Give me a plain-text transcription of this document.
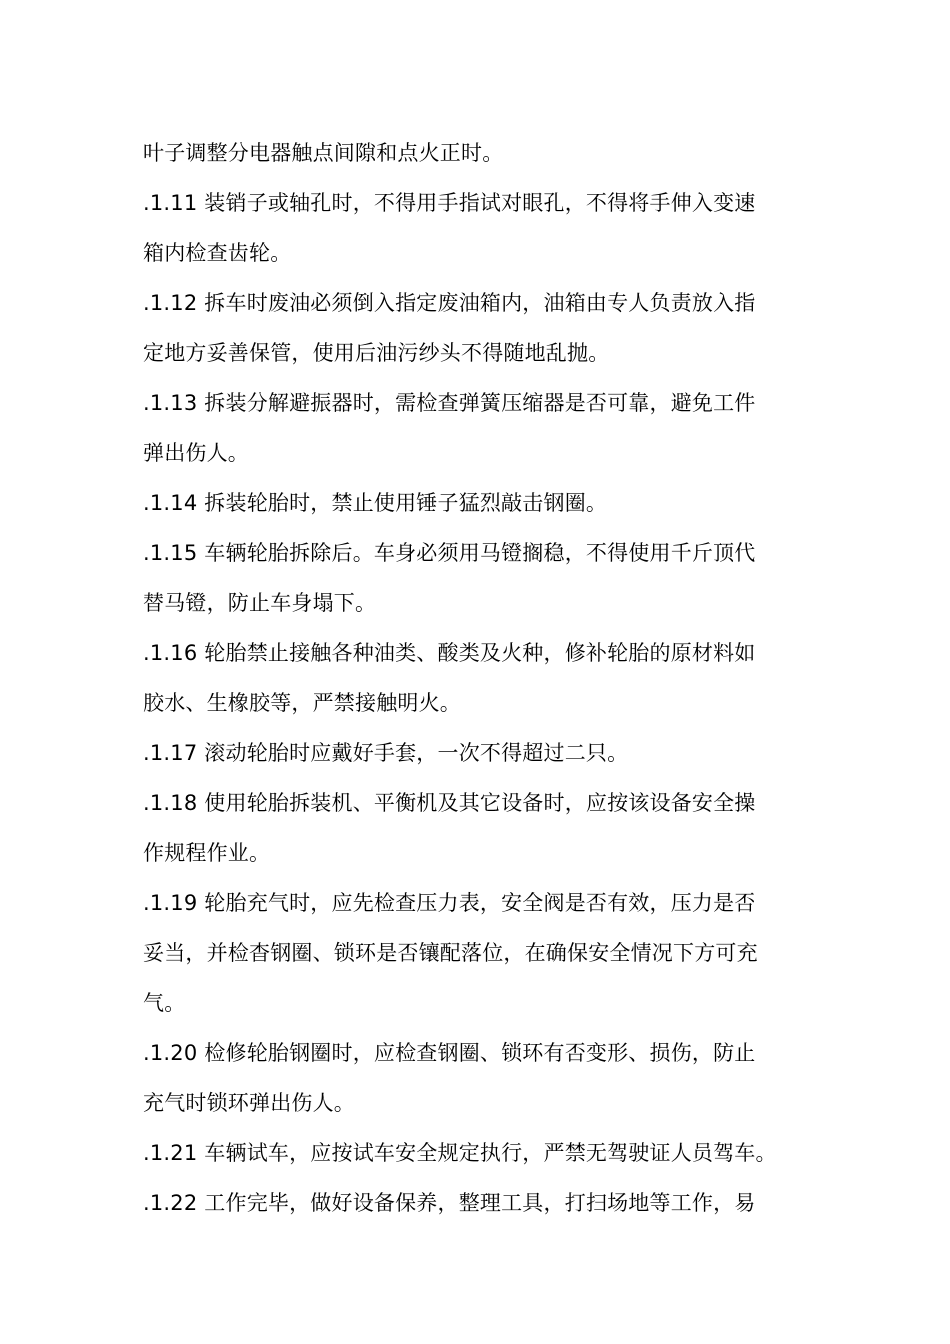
叶子调整分电器触点间隙和点火正时。
.1.11 装销子或轴孔时，不得用手指试对眼孔，不得将手伸入变速
箱内检查齿轮。
.1.12 拆车时废油必须倒入指定废油箱内，油箱由专人负责放入指
定地方妥善保管，使用后油污纱头不得随地乱抛。
.1.13 拆装分解避振器时，需检查弹簧压缩器是否可靠，避免工件
弹出伤人。
.1.14 拆装轮胎时，禁止使用锤子猛烈敲击钢圈。
.1.15 车辆轮胎拆除后。车身必须用马镫搁稳，不得使用千斤顶代
替马镫，防止车身塌下。
.1.16 轮胎禁止接触各种油类、酸类及火种，修补轮胎的原材料如
胶水、生橡胶等，严禁接触明火。
.1.17 滚动轮胎时应戴好手套，一次不得超过二只。
.1.18 使用轮胎拆装机、平衡机及其它设备时，应按该设备安全操
作规程作业。
.1.19 轮胎充气时，应先检查压力表，安全阀是否有效，压力是否
妥当，并检杳钢圈、锁环是否镶配落位，在确保安全情况下方可充
气。
.1.20 检修轮胎钢圈时，应检查钢圈、锁环有否变形、损伤，防止
充气时锁环弹出伤人。
.1.21 车辆试车，应按试车安全规定执行，严禁无驾驶证人员驾车。
.1.22 工作完毕，做好设备保养，整理工具，打扫场地等工作，易
